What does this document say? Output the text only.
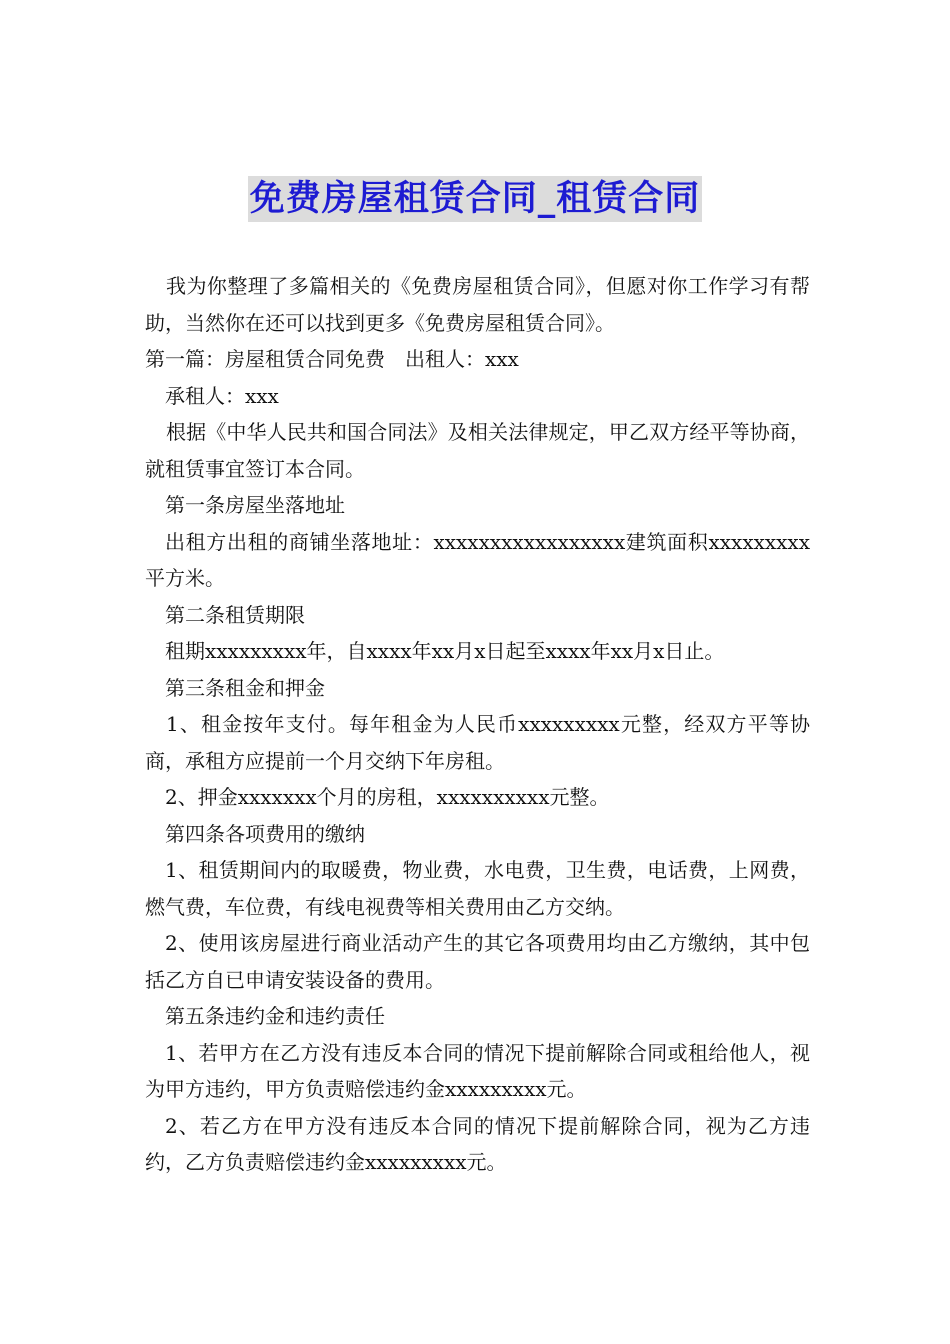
免费房屋租赁合同_租赁合同

我为你整理了多篇相关的《免费房屋租赁合同》，但愿对你工作学习有帮助，当然你在还可以找到更多《免费房屋租赁合同》。

第一篇：房屋租赁合同免费 出租人：xxx

承租人：xxx

根据《中华人民共和国合同法》及相关法律规定，甲乙双方经平等协商，就租赁事宜签订本合同。

第一条房屋坐落地址

出租方出租的商铺坐落地址：xxxxxxxxxxxxxxxxx建筑面积xxxxxxxxx平方米。

第二条租赁期限

租期xxxxxxxxx年，自xxxx年xx月x日起至xxxx年xx月x日止。

第三条租金和押金

1、租金按年支付。每年租金为人民币xxxxxxxxx元整，经双方平等协商，承租方应提前一个月交纳下年房租。

2、押金xxxxxxx个月的房租，xxxxxxxxxx元整。

第四条各项费用的缴纳

1、租赁期间内的取暖费，物业费，水电费，卫生费，电话费，上网费，燃气费，车位费，有线电视费等相关费用由乙方交纳。

2、使用该房屋进行商业活动产生的其它各项费用均由乙方缴纳，其中包括乙方自已申请安装设备的费用。

第五条违约金和违约责任

1、若甲方在乙方没有违反本合同的情况下提前解除合同或租给他人，视为甲方违约，甲方负责赔偿违约金xxxxxxxxx元。

2、若乙方在甲方没有违反本合同的情况下提前解除合同，视为乙方违约，乙方负责赔偿违约金xxxxxxxxx元。
